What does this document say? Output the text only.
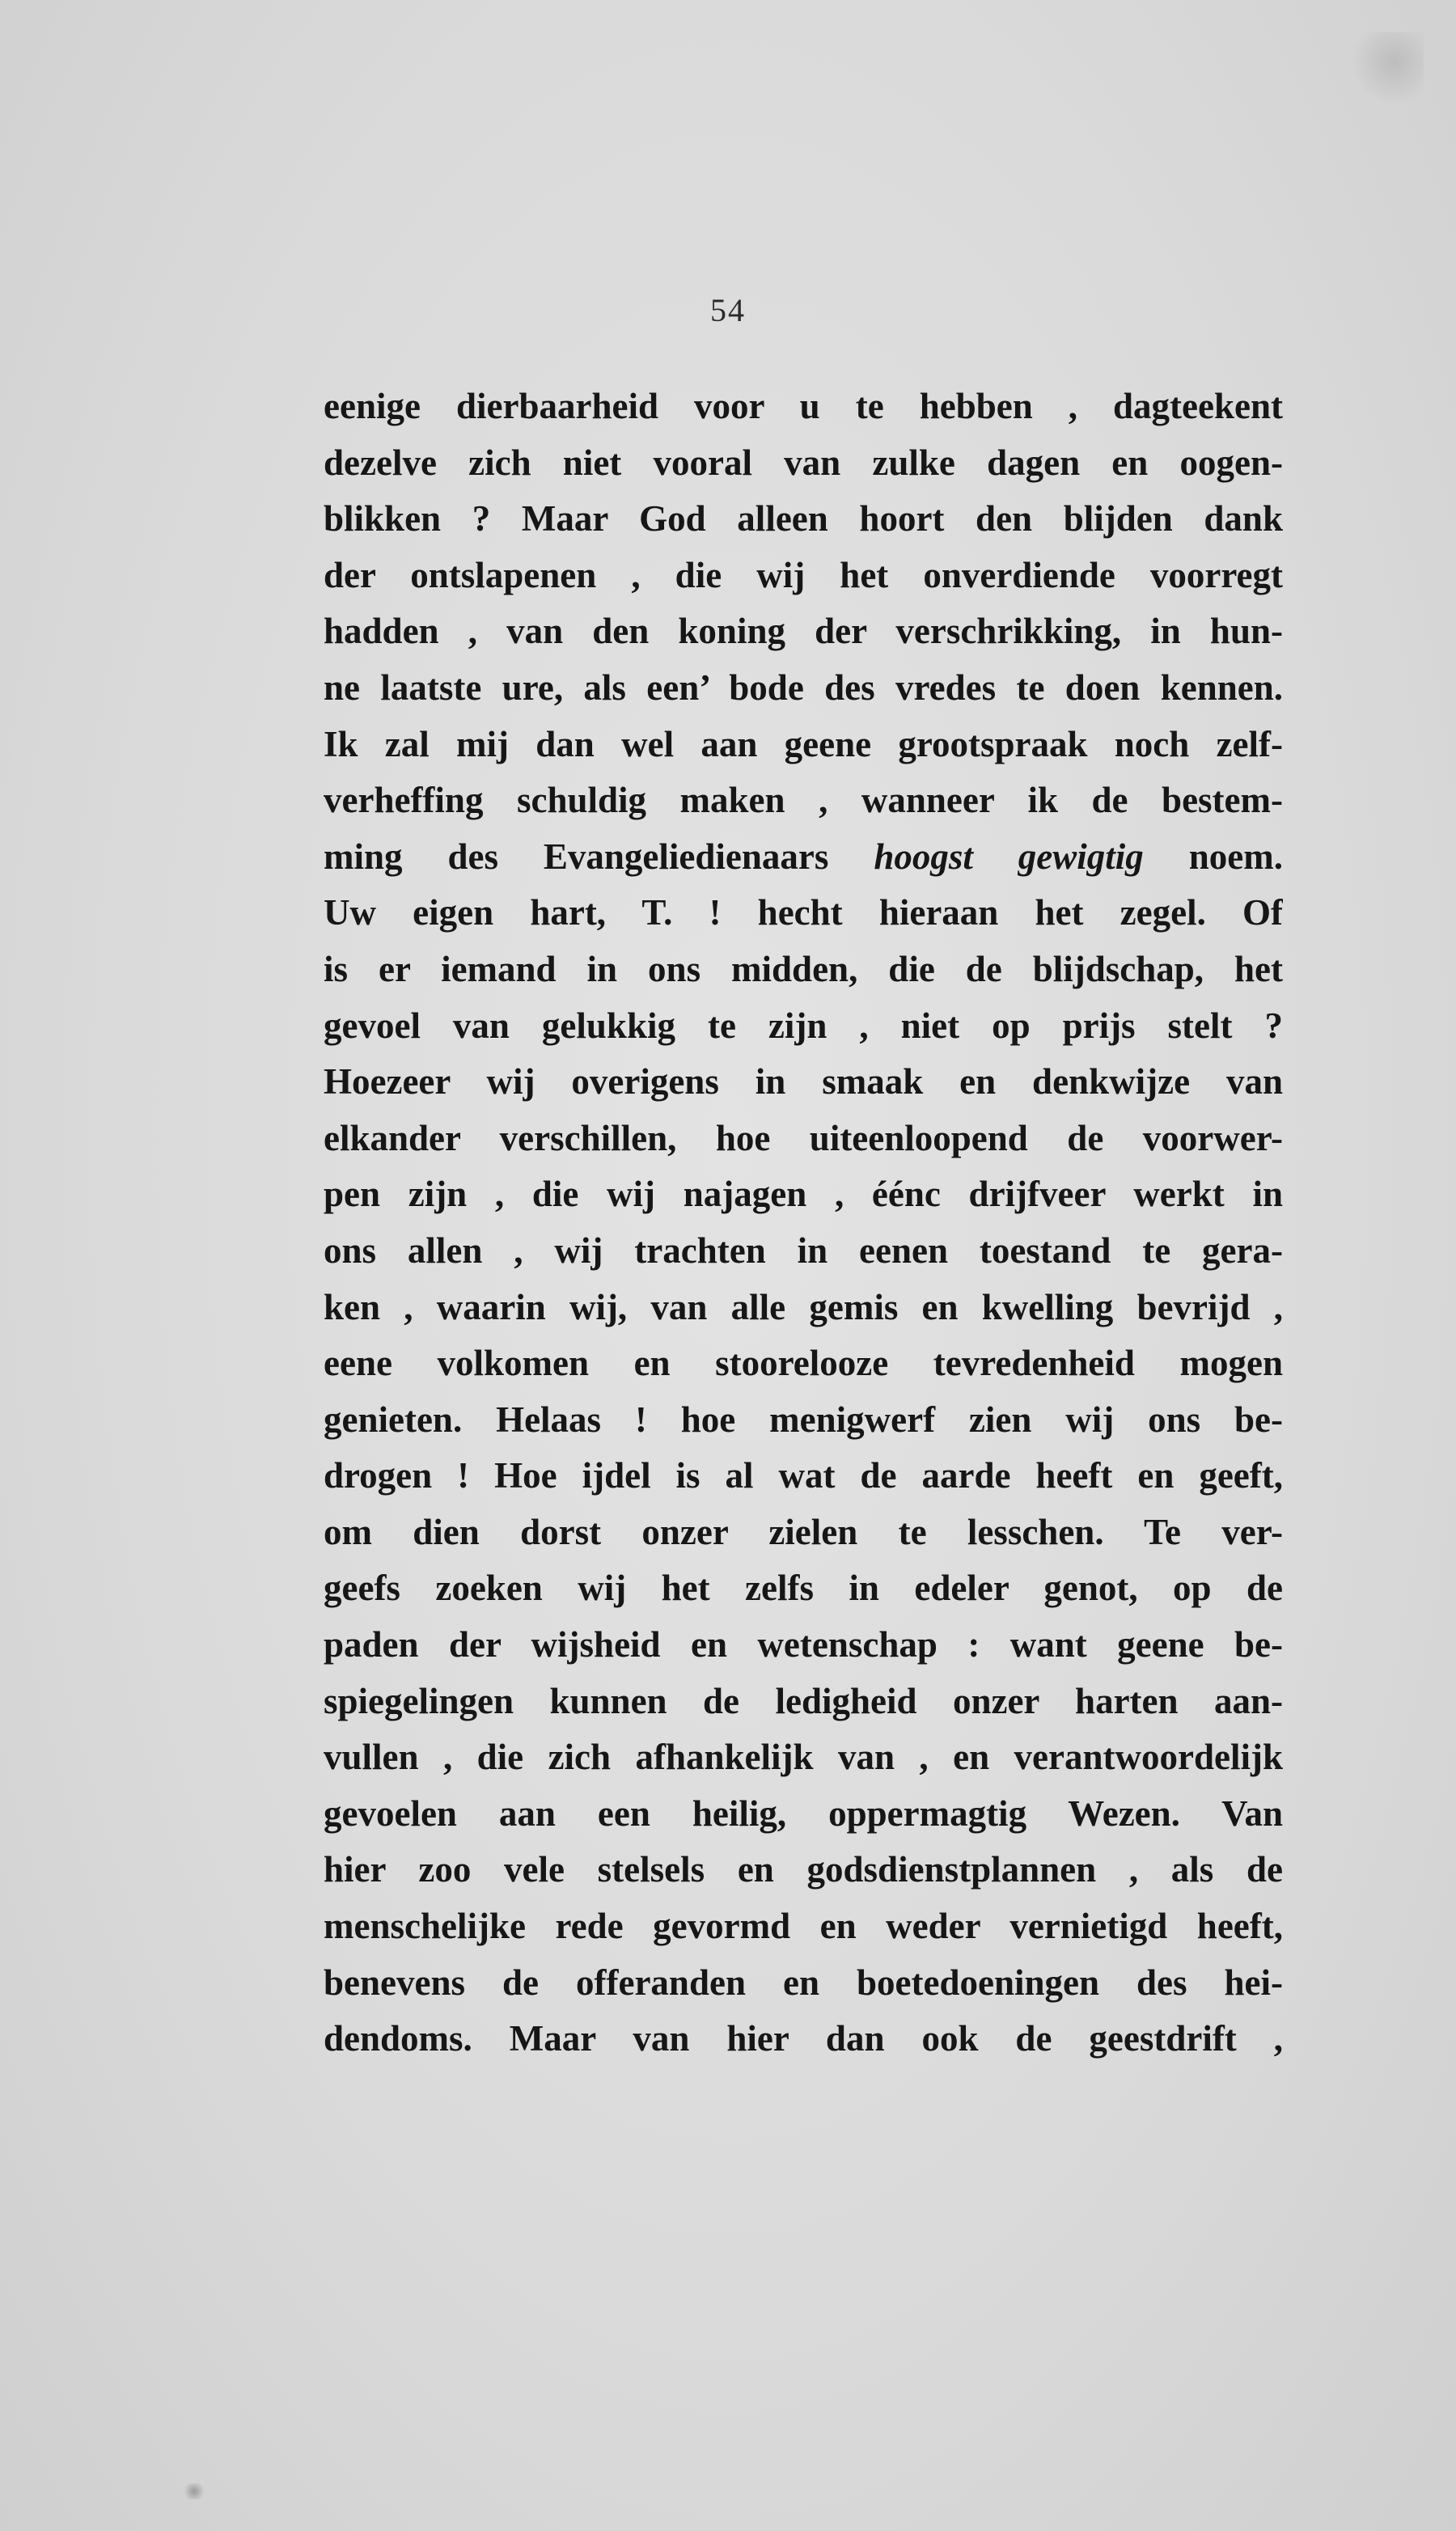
54
eenige dierbaarheid voor u te hebben , dagteekent
dezelve zich niet vooral van zulke dagen en oogen-
blikken ? Maar God alleen hoort den blijden dank
der ontslapenen , die wij het onverdiende voorregt
hadden , van den koning der verschrikking, in hun-
ne laatste ure, als een’ bode des vredes te doen kennen.
Ik zal mij dan wel aan geene grootspraak noch zelf-
verheffing schuldig maken , wanneer ik de bestem-
ming des Evangeliedienaars hoogst gewigtig noem.
Uw eigen hart, T. ! hecht hieraan het zegel. Of
is er iemand in ons midden, die de blijdschap, het
gevoel van gelukkig te zijn , niet op prijs stelt ?
Hoezeer wij overigens in smaak en denkwijze van
elkander verschillen, hoe uiteenloopend de voorwer-
pen zijn , die wij najagen , éénc drijfveer werkt in
ons allen , wij trachten in eenen toestand te gera-
ken , waarin wij, van alle gemis en kwelling bevrijd ,
eene volkomen en stoorelooze tevredenheid mogen
genieten. Helaas ! hoe menigwerf zien wij ons be-
drogen ! Hoe ijdel is al wat de aarde heeft en geeft,
om dien dorst onzer zielen te lesschen. Te ver-
geefs zoeken wij het zelfs in edeler genot, op de
paden der wijsheid en wetenschap : want geene be-
spiegelingen kunnen de ledigheid onzer harten aan-
vullen , die zich afhankelijk van , en verantwoordelijk
gevoelen aan een heilig, oppermagtig Wezen. Van
hier zoo vele stelsels en godsdienstplannen , als de
menschelijke rede gevormd en weder vernietigd heeft,
benevens de offeranden en boetedoeningen des hei-
dendoms. Maar van hier dan ook de geestdrift ,
